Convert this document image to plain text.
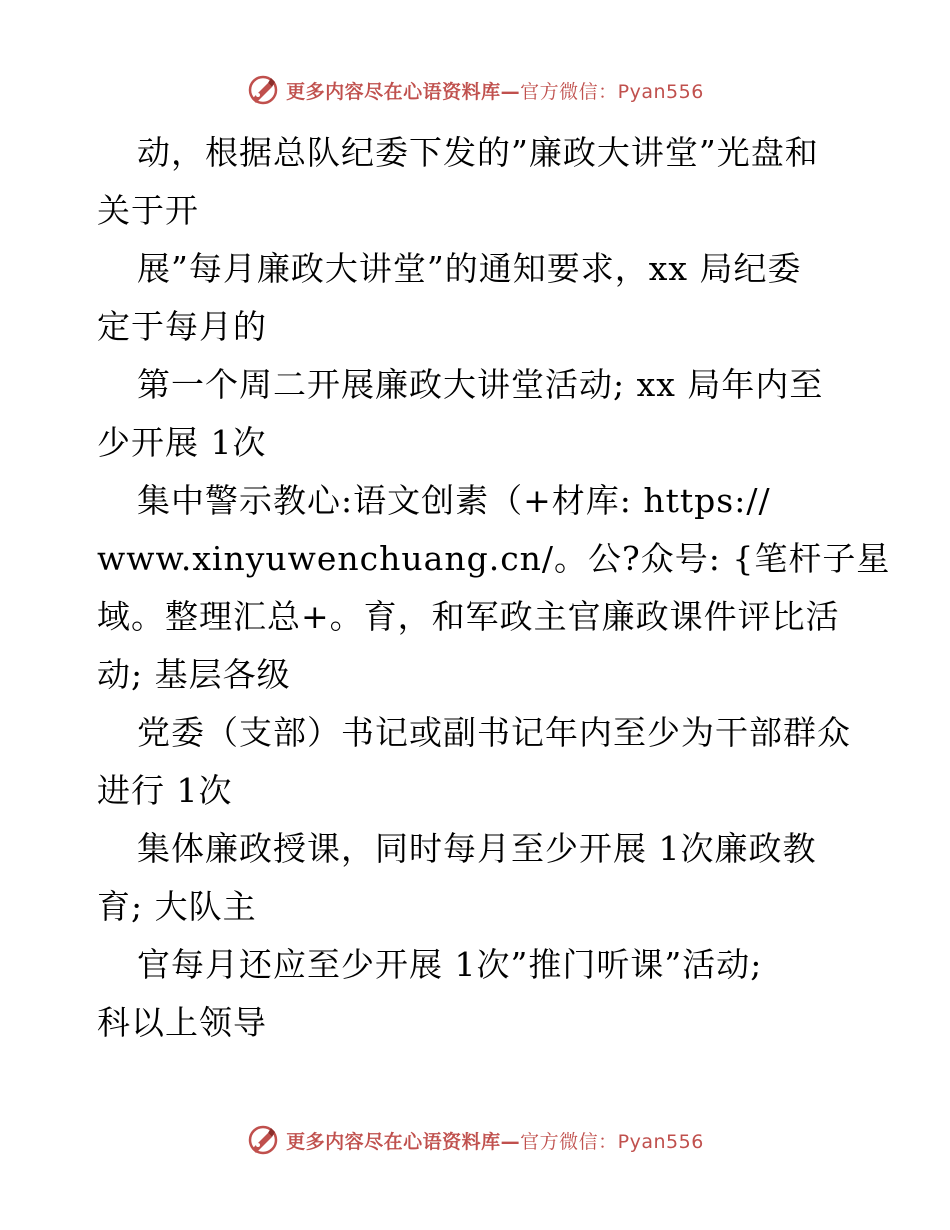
更多内容尽在心语资料库—官方微信：Pyan556
动，根据总队纪委下发的”廉政大讲堂”光盘和
关于开
展”每月廉政大讲堂”的通知要求，xx 局纪委
定于每月的
第一个周二开展廉政大讲堂活动; xx 局年内至
少开展 1次
集中警示教心:语文创素（+材库: https://
www.xinyuwenchuang.cn/。公?众号: {笔杆子星
域。整理汇总+。育，和军政主官廉政课件评比活
动; 基层各级
党委（支部）书记或副书记年内至少为干部群众
进行 1次
集体廉政授课，同时每月至少开展 1次廉政教
育; 大队主
官每月还应至少开展 1次”推门听课”活动;
科以上领导
更多内容尽在心语资料库—官方微信：Pyan556
